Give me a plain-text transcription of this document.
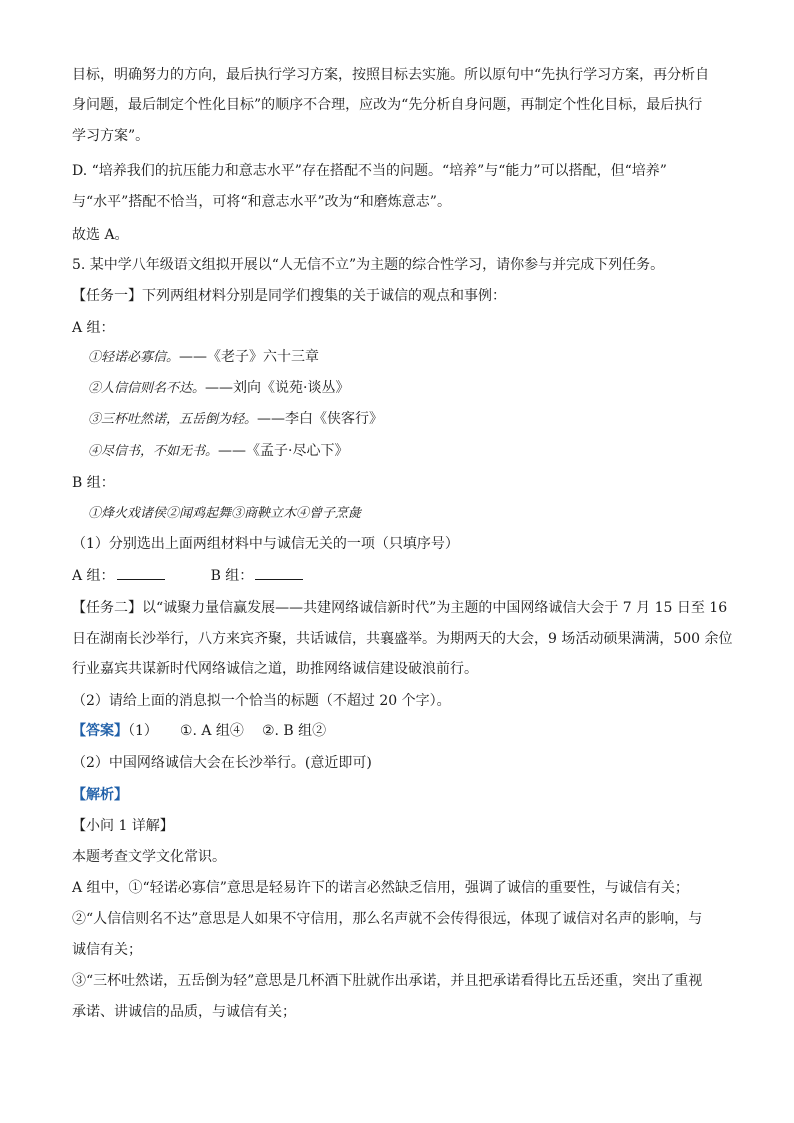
目标，明确努力的方向，最后执行学习方案，按照目标去实施。所以原句中“先执行学习方案，再分析自
身问题，最后制定个性化目标”的顺序不合理，应改为“先分析自身问题，再制定个性化目标，最后执行
学习方案”。
D. “培养我们的抗压能力和意志水平”存在搭配不当的问题。“培养”与“能力”可以搭配，但“培养”
与“水平”搭配不恰当，可将“和意志水平”改为“和磨炼意志”。
故选 A。
5. 某中学八年级语文组拟开展以“人无信不立”为主题的综合性学习，请你参与并完成下列任务。
【任务一】下列两组材料分别是同学们搜集的关于诚信的观点和事例：
A 组：
①轻诺必寡信。——《老子》六十三章
②人信信则名不达。——刘向《说苑·谈丛》
③三杯吐然诺，五岳倒为轻。——李白《侠客行》
④尽信书，不如无书。——《孟子·尽心下》
B 组：
①烽火戏诸侯②闻鸡起舞③商鞅立木④曾子烹彘
（1）分别选出上面两组材料中与诚信无关的一项（只填序号）
A 组：	B 组：
【任务二】以“诚聚力量信赢发展——共建网络诚信新时代”为主题的中国网络诚信大会于 7 月 15 日至 16
日在湖南长沙举行，八方来宾齐聚，共话诚信，共襄盛举。为期两天的大会，9 场活动硕果满满，500 余位
行业嘉宾共谋新时代网络诚信之道，助推网络诚信建设破浪前行。
（2）请给上面的消息拟一个恰当的标题（不超过 20 个字）。
【答案】（1） ①. A 组④ ②. B 组②
（2）中国网络诚信大会在长沙举行。(意近即可)
【解析】
【小问 1 详解】
本题考查文学文化常识。
A 组中，①“轻诺必寡信”意思是轻易许下的诺言必然缺乏信用，强调了诚信的重要性，与诚信有关；
②“人信信则名不达”意思是人如果不守信用，那么名声就不会传得很远，体现了诚信对名声的影响，与
诚信有关；
③“三杯吐然诺，五岳倒为轻”意思是几杯酒下肚就作出承诺，并且把承诺看得比五岳还重，突出了重视
承诺、讲诚信的品质，与诚信有关；
